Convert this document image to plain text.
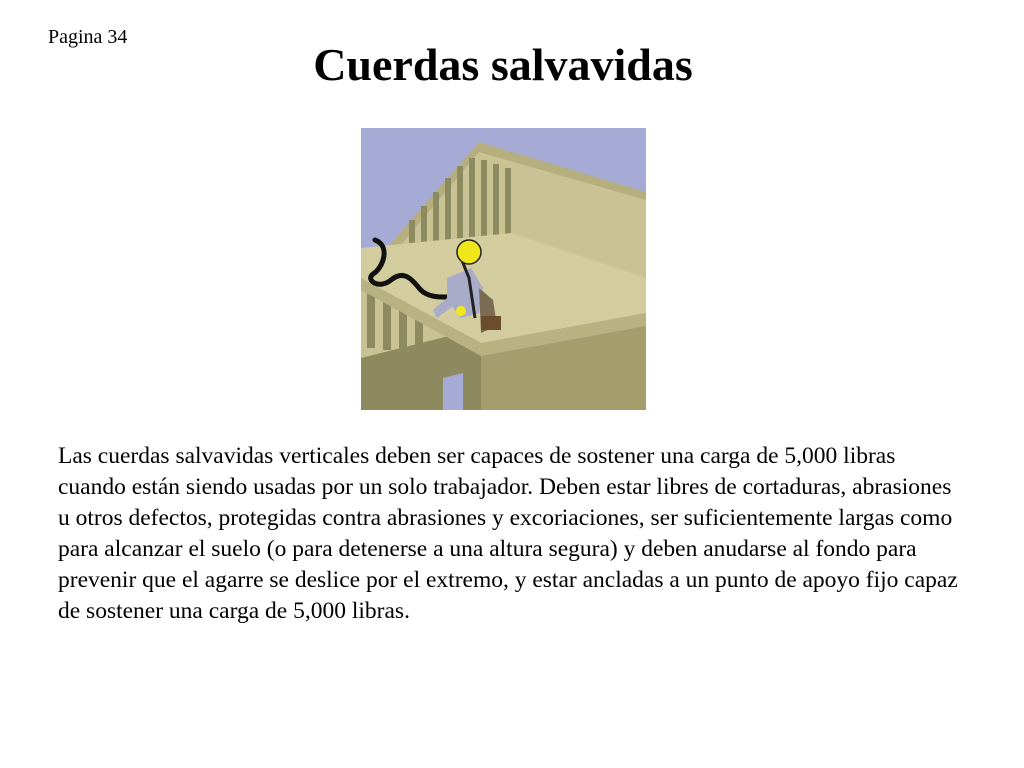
Pagina 34
Cuerdas salvavidas

Las cuerdas salvavidas verticales deben ser capaces de sostener una carga de 5,000 libras cuando están siendo usadas por un solo trabajador. Deben estar libres de cortaduras, abrasiones u otros defectos, protegidas contra abrasiones y excoriaciones, ser suficientemente largas como para alcanzar el suelo (o para detenerse a una altura segura) y deben anudarse al fondo para prevenir que el agarre se deslice por el extremo, y estar ancladas a un punto de apoyo fijo capaz de sostener una carga de 5,000 libras.
